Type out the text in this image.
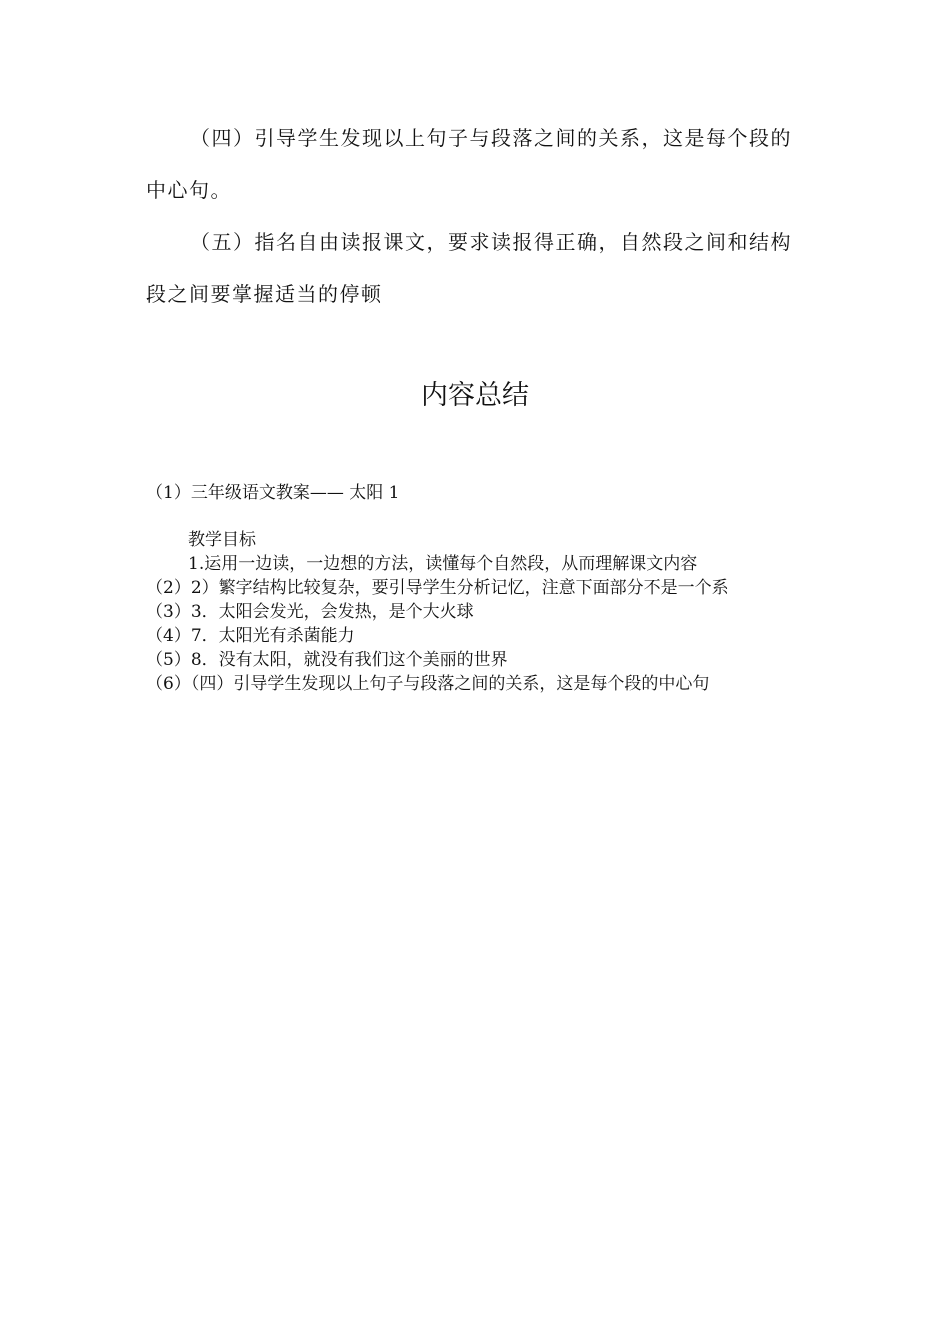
（四）引导学生发现以上句子与段落之间的关系，这是每个段的中心句。

（五）指名自由读报课文，要求读报得正确，自然段之间和结构段之间要掌握适当的停顿

内容总结
（1）三年级语文教案—— 太阳 1

教学目标

1.运用一边读，一边想的方法，读懂每个自然段，从而理解课文内容

（2）2）繁字结构比较复杂，要引导学生分析记忆，注意下面部分不是一个系

（3）3．太阳会发光，会发热，是个大火球

（4）7．太阳光有杀菌能力

（5）8．没有太阳，就没有我们这个美丽的世界

（6）（四）引导学生发现以上句子与段落之间的关系，这是每个段的中心句
